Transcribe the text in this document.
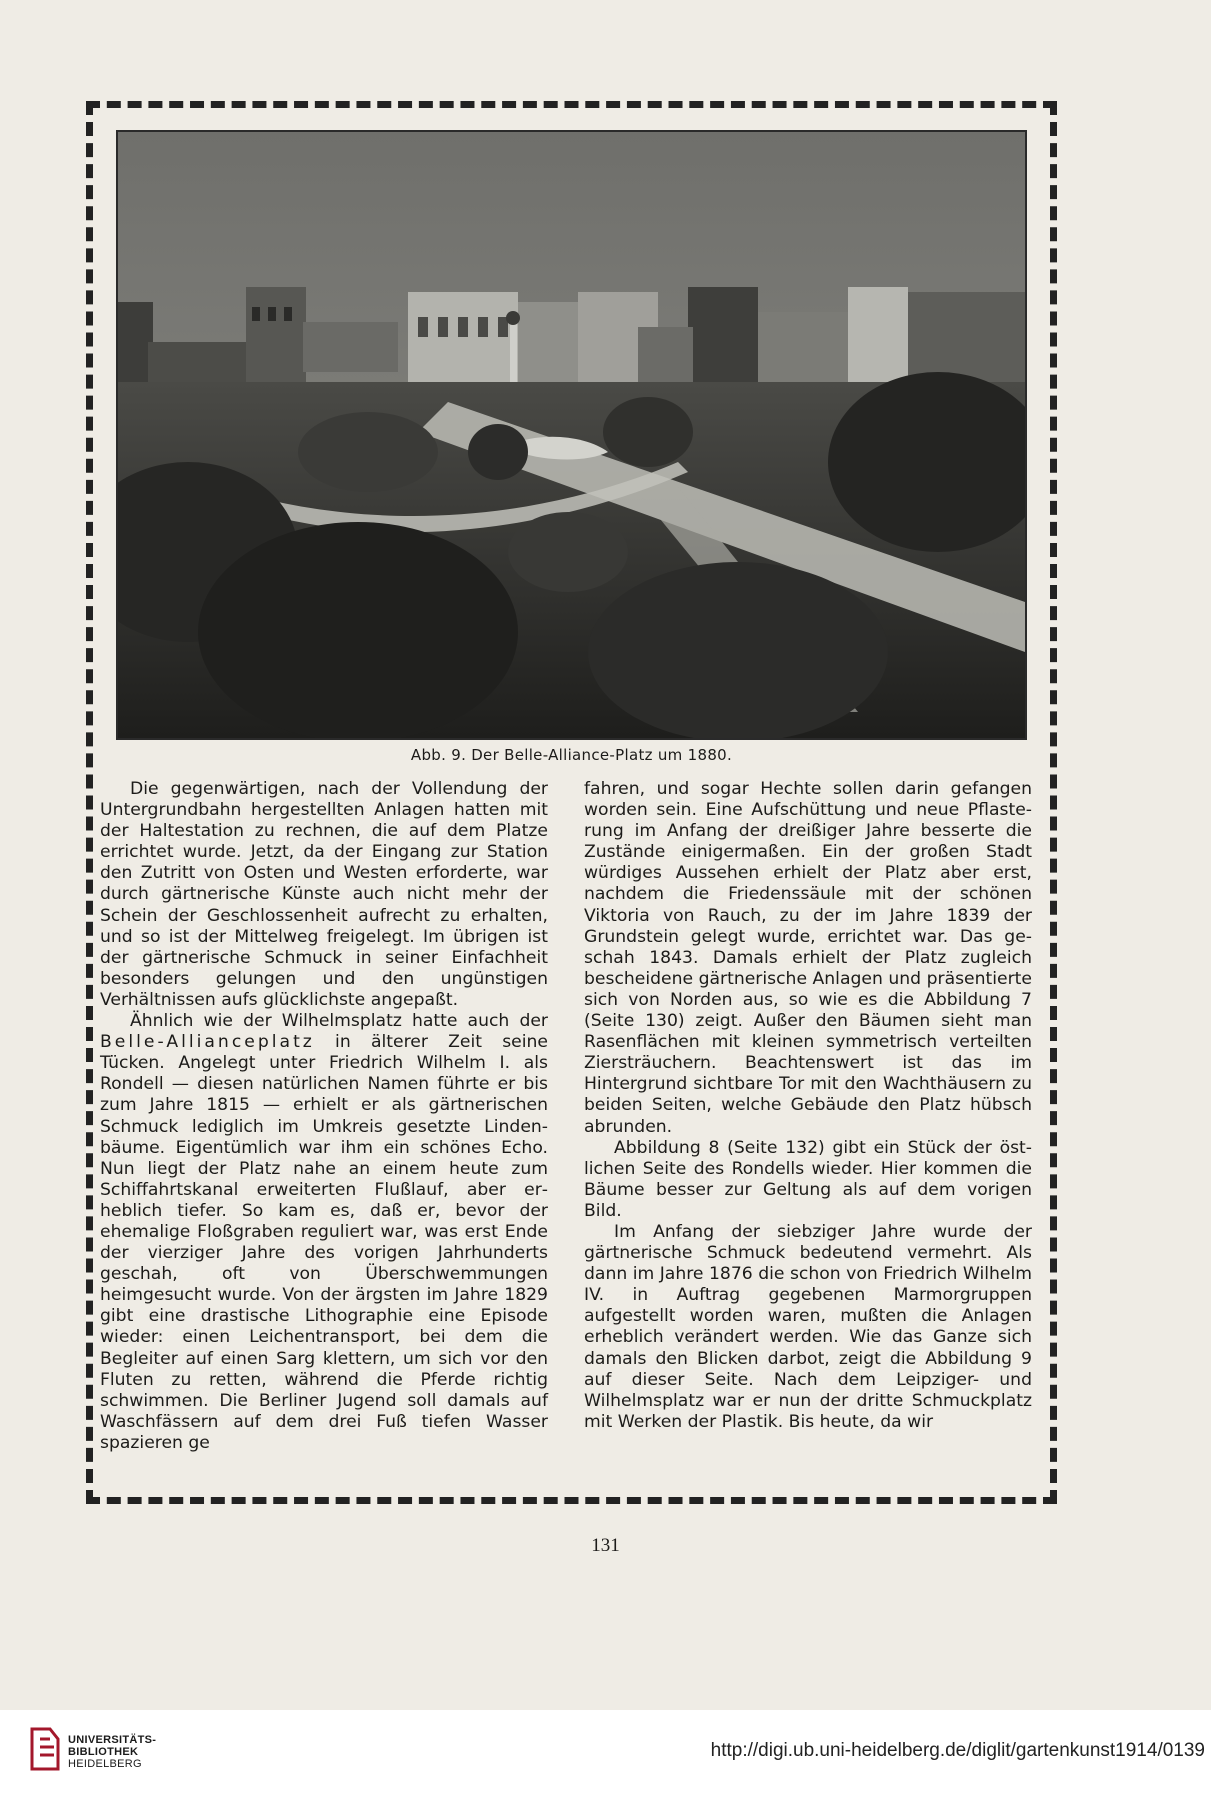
Abb. 9. Der Belle-Alliance-Platz um 1880.

Die gegenwärtigen, nach der Vollendung der Untergrundbahn hergestellten Anlagen hatten mit der Haltestation zu rechnen, die auf dem Platze errichtet wurde. Jetzt, da der Eingang zur Station den Zutritt von Osten und Westen erforderte, war durch gärtnerische Künste auch nicht mehr der Schein der Geschlossenheit aufrecht zu erhalten, und so ist der Mittelweg freigelegt. Im übrigen ist der gärtnerische Schmuck in seiner Einfachheit besonders gelungen und den ungünstigen Verhältnissen aufs glücklichste angepaßt.

Ähnlich wie der Wilhelmsplatz hatte auch der Belle-Allianceplatz in älterer Zeit seine Tücken. Angelegt unter Friedrich Wilhelm I. als Rondell — diesen natürlichen Namen führte er bis zum Jahre 1815 — erhielt er als gärtnerischen Schmuck lediglich im Umkreis gesetzte Lindenbäume. Eigentümlich war ihm ein schönes Echo. Nun liegt der Platz nahe an einem heute zum Schiffahrtskanal erweiterten Flußlauf, aber erheblich tiefer. So kam es, daß er, bevor der ehemalige Floßgraben reguliert war, was erst Ende der vierziger Jahre des vorigen Jahrhunderts geschah, oft von Überschwemmungen heimgesucht wurde. Von der ärgsten im Jahre 1829 gibt eine drastische Lithographie eine Episode wieder: einen Leichentransport, bei dem die Begleiter auf einen Sarg klettern, um sich vor den Fluten zu retten, während die Pferde richtig schwimmen. Die Berliner Jugend soll damals auf Waschfässern auf dem drei Fuß tiefen Wasser spazieren ge

fahren, und sogar Hechte sollen darin gefangen worden sein. Eine Aufschüttung und neue Pflasterung im Anfang der dreißiger Jahre besserte die Zustände einigermaßen. Ein der großen Stadt würdiges Aussehen erhielt der Platz aber erst, nachdem die Friedenssäule mit der schönen Viktoria von Rauch, zu der im Jahre 1839 der Grundstein gelegt wurde, errichtet war. Das geschah 1843. Damals erhielt der Platz zugleich bescheidene gärtnerische Anlagen und präsentierte sich von Norden aus, so wie es die Abbildung 7 (Seite 130) zeigt. Außer den Bäumen sieht man Rasenflächen mit kleinen symmetrisch verteilten Ziersträuchern. Beachtenswert ist das im Hintergrund sichtbare Tor mit den Wachthäusern zu beiden Seiten, welche Gebäude den Platz hübsch abrunden.

Abbildung 8 (Seite 132) gibt ein Stück der östlichen Seite des Rondells wieder. Hier kommen die Bäume besser zur Geltung als auf dem vorigen Bild.

Im Anfang der siebziger Jahre wurde der gärtnerische Schmuck bedeutend vermehrt. Als dann im Jahre 1876 die schon von Friedrich Wilhelm IV. in Auftrag gegebenen Marmorgruppen aufgestellt worden waren, mußten die Anlagen erheblich verändert werden. Wie das Ganze sich damals den Blicken darbot, zeigt die Abbildung 9 auf dieser Seite. Nach dem Leipziger- und Wilhelmsplatz war er nun der dritte Schmuckplatz mit Werken der Plastik. Bis heute, da wir

131
UNIVERSITÄTS-
BIBLIOTHEK
HEIDELBERG
http://digi.ub.uni-heidelberg.de/diglit/gartenkunst1914/0139
